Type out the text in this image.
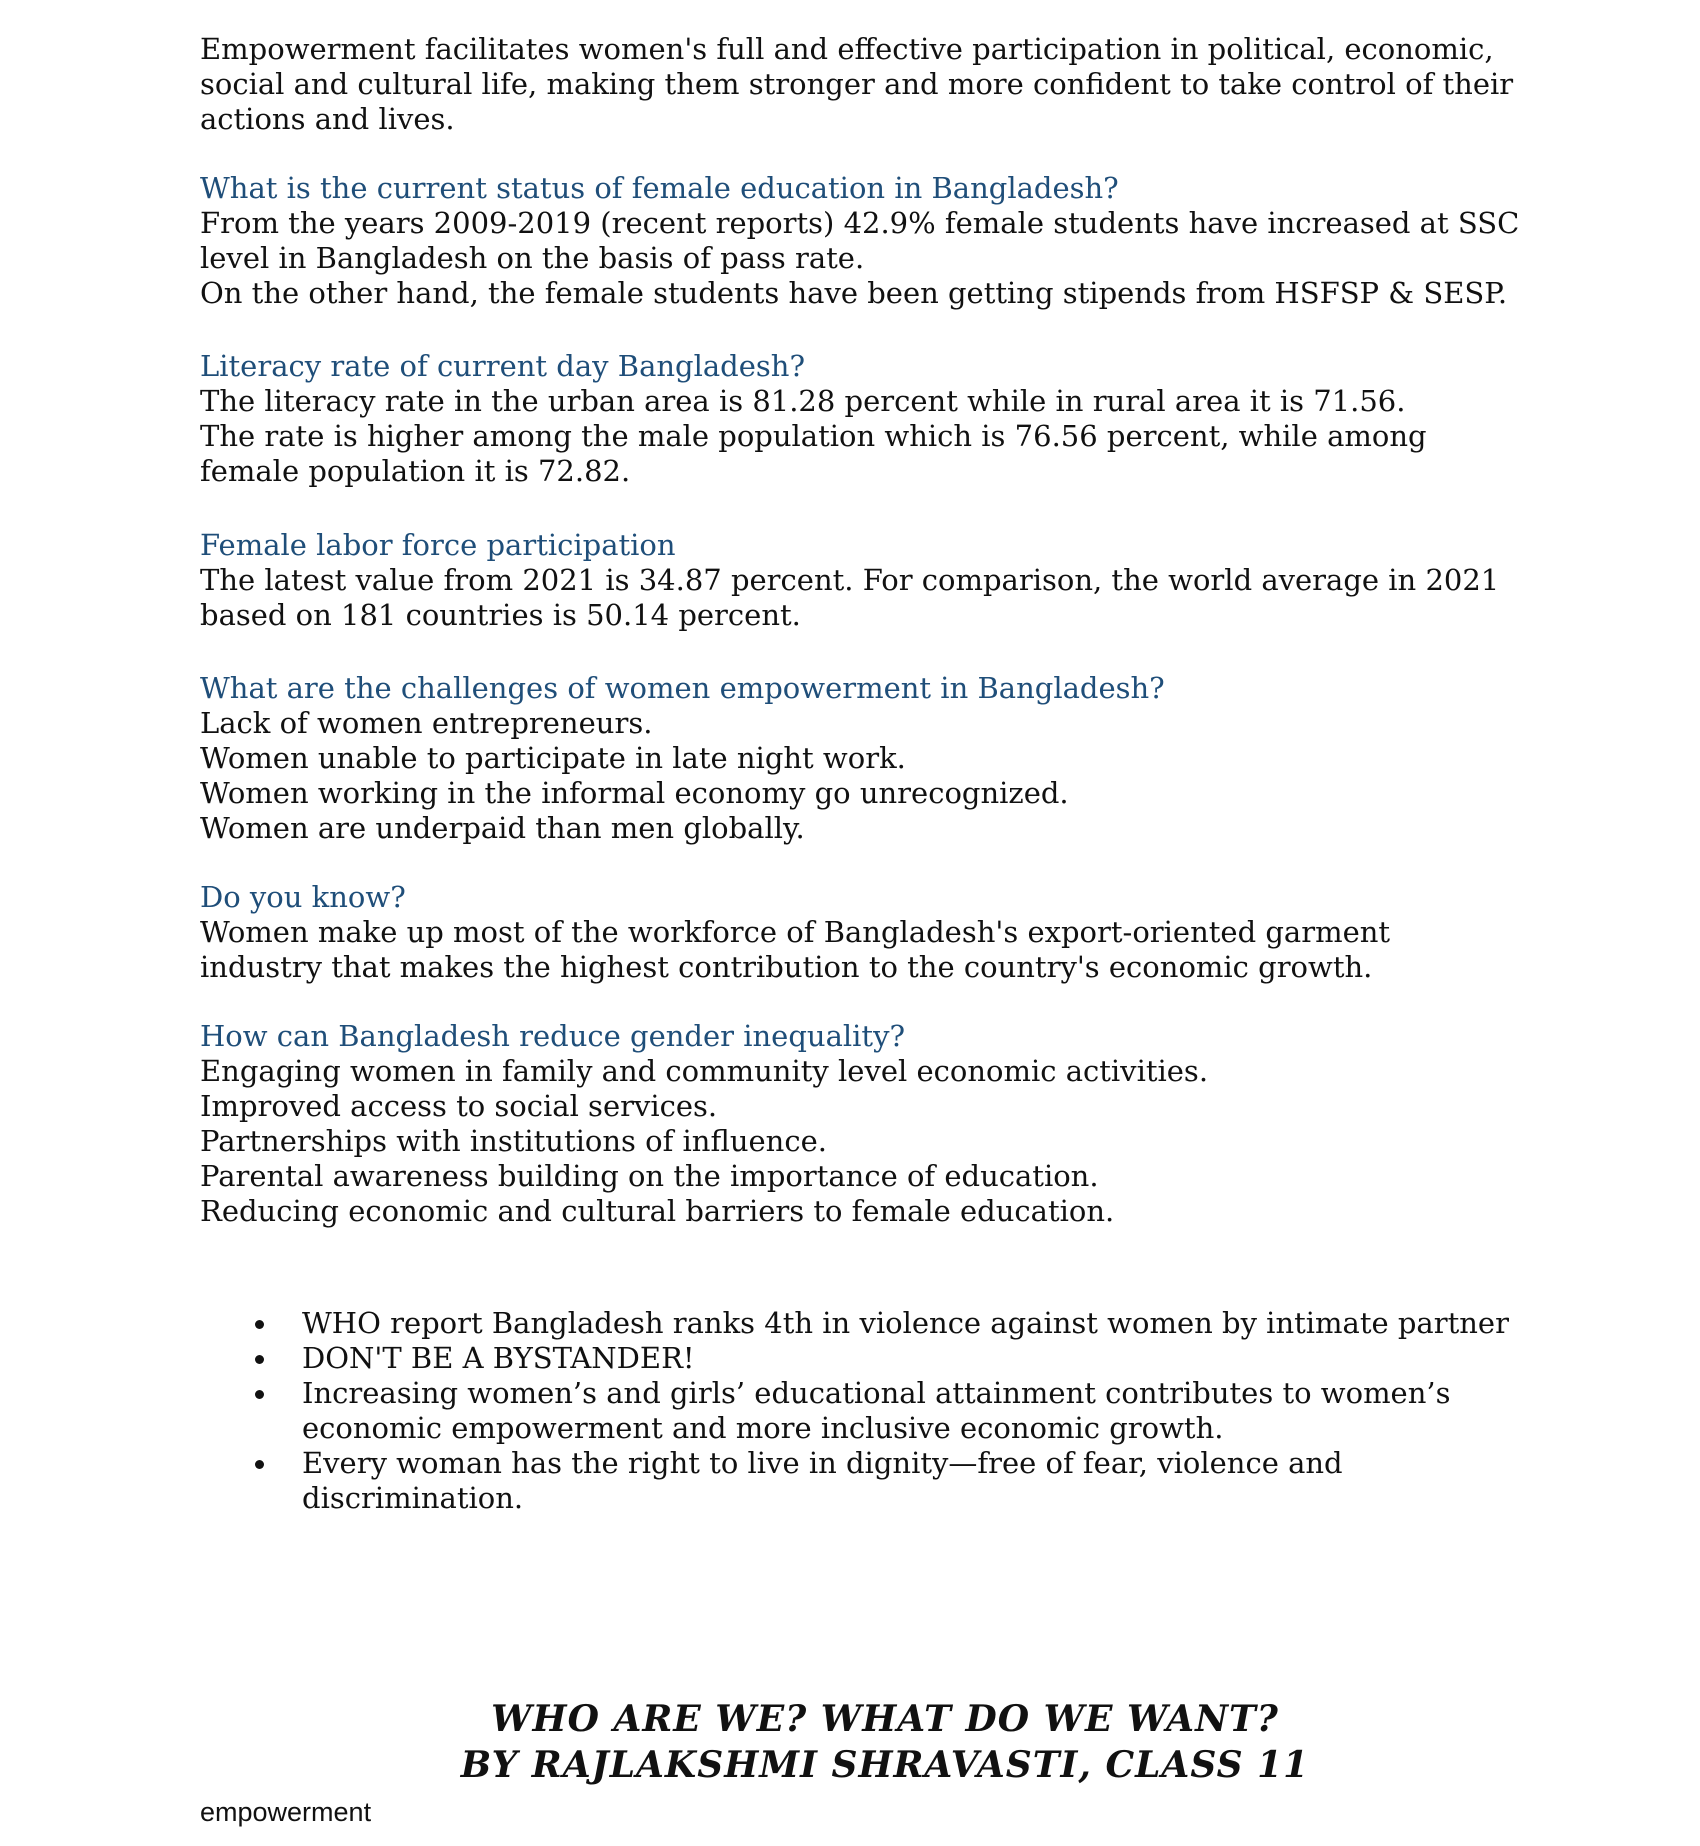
Empowerment facilitates women's full and effective participation in political, economic, social and cultural life, making them stronger and more confident to take control of their actions and lives.

What is the current status of female education in Bangladesh?

From the years 2009-2019 (recent reports) 42.9% female students have increased at SSC level in Bangladesh on the basis of pass rate.

On the other hand, the female students have been getting stipends from HSFSP & SESP.

Literacy rate of current day Bangladesh?

The literacy rate in the urban area is 81.28 percent while in rural area it is 71.56.

The rate is higher among the male population which is 76.56 percent, while among female population it is 72.82.

Female labor force participation

The latest value from 2021 is 34.87 percent. For comparison, the world average in 2021 based on 181 countries is 50.14 percent.

What are the challenges of women empowerment in Bangladesh?

Lack of women entrepreneurs.

Women unable to participate in late night work.

Women working in the informal economy go unrecognized.

Women are underpaid than men globally.

Do you know?

Women make up most of the workforce of Bangladesh's export-oriented garment industry that makes the highest contribution to the country's economic growth.

How can Bangladesh reduce gender inequality?

Engaging women in family and community level economic activities.

Improved access to social services.

Partnerships with institutions of influence.

Parental awareness building on the importance of education.

Reducing economic and cultural barriers to female education.

WHO report Bangladesh ranks 4th in violence against women by intimate partner
DON'T BE A BYSTANDER!
Increasing women’s and girls’ educational attainment contributes to women’s economic empowerment and more inclusive economic growth.
Every woman has the right to live in dignity—free of fear, violence and discrimination.
WHO ARE WE? WHAT DO WE WANT?
BY RAJLAKSHMI SHRAVASTI, CLASS 11
empowerment
